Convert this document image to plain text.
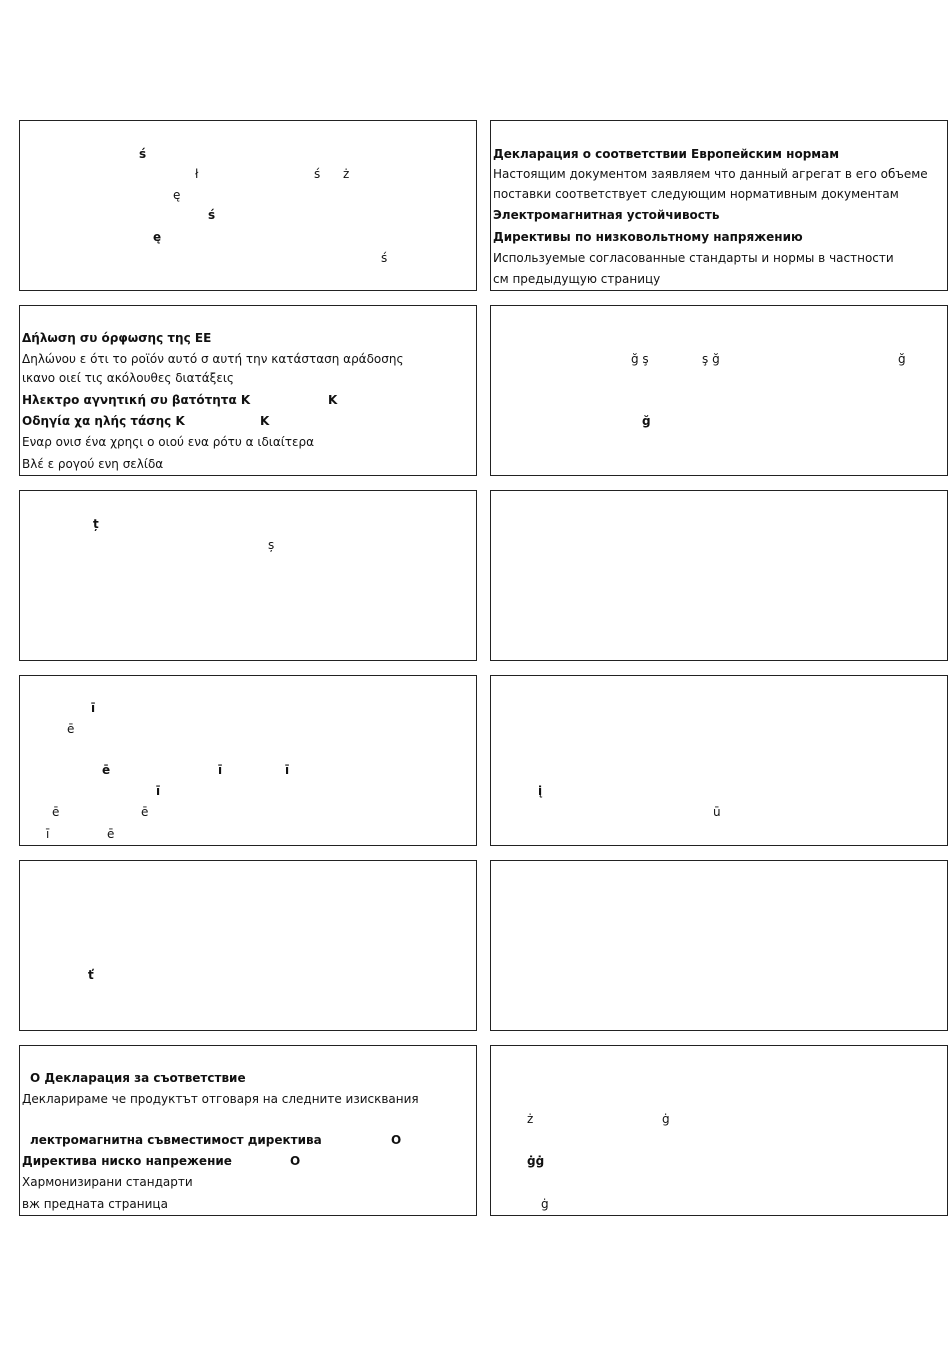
ś
ł	ś ż
ę
ś
ę
ś
Декларация о соответствии Европейским нормам
Настоящим документом заявляем что данный агрегат в его объеме
поставки соответствует следующим нормативным документам
Электромагнитная устойчивость
Директивы по низковольтному напряжению
Используемые согласованные стандарты и нормы в частности
см предыдущую страницу
Δήλωση συ όρφωσης της ΕΕ
Δηλώνου ε ότι το ροϊόν αυτό σ αυτή την κατάσταση αράδοσης
ικανο οιεί τις ακόλουθες διατάξεις
Ηλεκτρο αγνητική συ βατότητα K	K
Οδηγία χα ηλής τάσης K	K
Εναρ ονισ ένα χρηςι ο οιού ενα ρότυ α ιδιαίτερα
Βλέ ε ρογού ενη σελίδα
ğ ş	ş ğ	ğ
ğ
ț
ș
ī
ē
ē	ī	ī
ī
ē	ē
ī	ē
į
ū
ť
O Декларация за съответствие
Декларираме че продуктът отговаря на следните изисквания
лектромагнитна съвместимост директива	O
Директива ниско напрежение	O
Хармонизирани стандарти
вж предната страница
ż	ġ
ġġ
ġ
